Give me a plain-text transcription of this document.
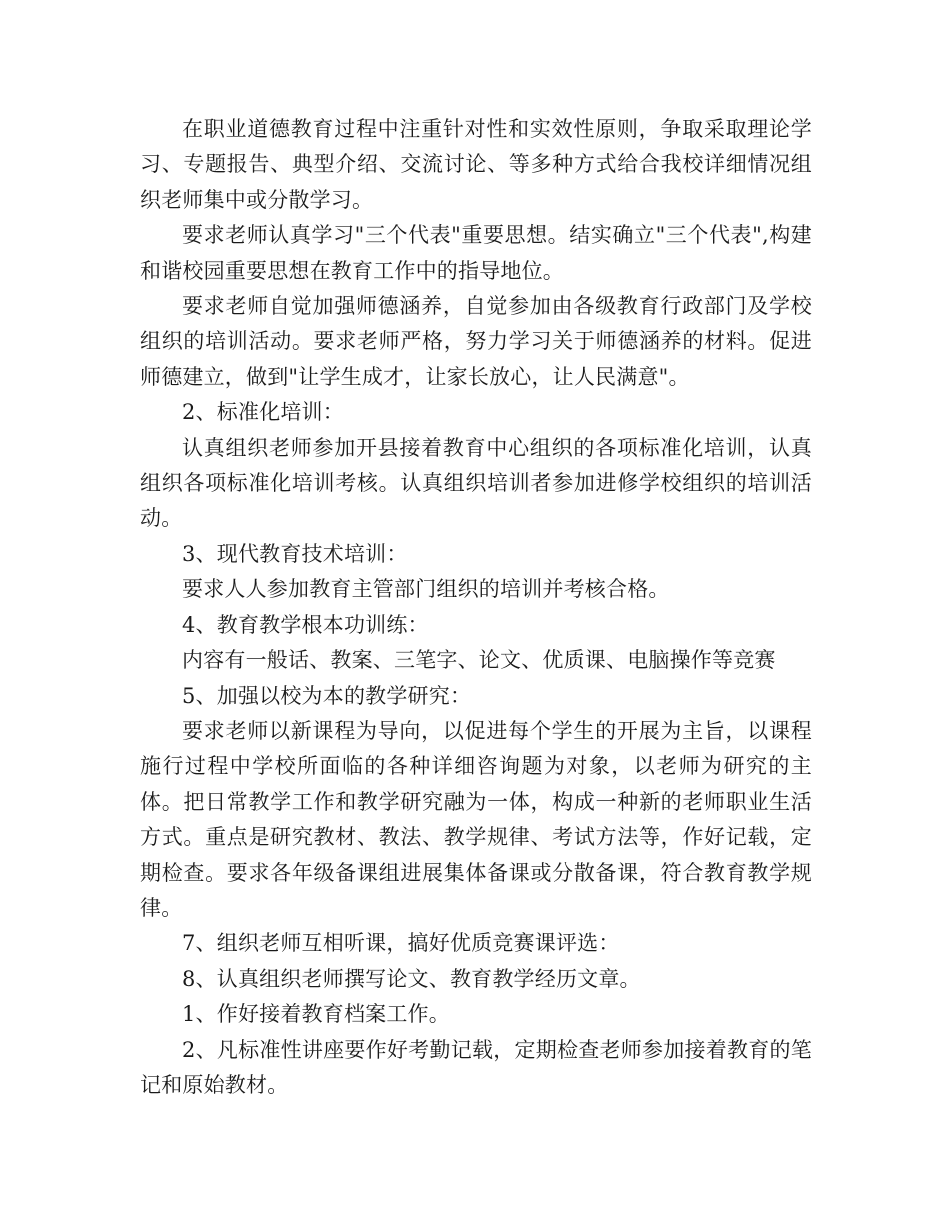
在职业道德教育过程中注重针对性和实效性原则，争取采取理论学习、专题报告、典型介绍、交流讨论、等多种方式给合我校详细情况组织老师集中或分散学习。

要求老师认真学习"三个代表"重要思想。结实确立"三个代表",构建和谐校园重要思想在教育工作中的指导地位。

要求老师自觉加强师德涵养，自觉参加由各级教育行政部门及学校组织的培训活动。要求老师严格，努力学习关于师德涵养的材料。促进师德建立，做到"让学生成才，让家长放心，让人民满意"。

2、标准化培训：

认真组织老师参加开县接着教育中心组织的各项标准化培训，认真组织各项标准化培训考核。认真组织培训者参加进修学校组织的培训活动。

3、现代教育技术培训：

要求人人参加教育主管部门组织的培训并考核合格。

4、教育教学根本功训练：

内容有一般话、教案、三笔字、论文、优质课、电脑操作等竞赛

5、加强以校为本的教学研究：

要求老师以新课程为导向，以促进每个学生的开展为主旨，以课程施行过程中学校所面临的各种详细咨询题为对象，以老师为研究的主体。把日常教学工作和教学研究融为一体，构成一种新的老师职业生活方式。重点是研究教材、教法、教学规律、考试方法等，作好记载，定期检查。要求各年级备课组进展集体备课或分散备课，符合教育教学规律。

7、组织老师互相听课，搞好优质竞赛课评选：

8、认真组织老师撰写论文、教育教学经历文章。

1、作好接着教育档案工作。

2、凡标准性讲座要作好考勤记载，定期检查老师参加接着教育的笔记和原始教材。
